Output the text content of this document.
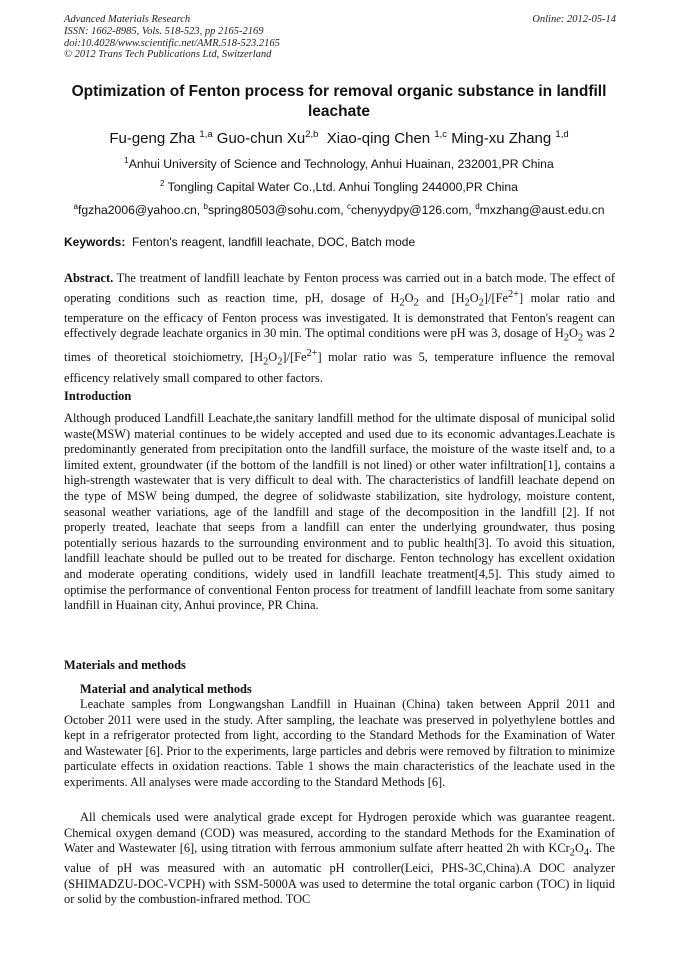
Advanced Materials Research	Online: 2012-05-14
ISSN: 1662-8985, Vols. 518-523, pp 2165-2169
doi:10.4028/www.scientific.net/AMR.518-523.2165
© 2012 Trans Tech Publications Ltd, Switzerland
Optimization of Fenton process for removal organic substance in landfill leachate
Fu-geng Zha $^{1,a}$ Guo-chun Xu$^{2,b}$ Xiao-qing Chen $^{1,c}$ Ming-xu Zhang $^{1,d}$
$^1$Anhui University of Science and Technology, Anhui Huainan, 232001,PR China
$^2$ Tongling Capital Water Co.,Ltd. Anhui Tongling 244000,PR China
$^a$fgzha2006@yahoo.cn, $^b$spring80503@sohu.com, $^c$chenyydpy@126.com, $^d$mxzhang@aust.edu.cn
Keywords: Fenton's reagent, landfill leachate, DOC, Batch mode
Abstract. The treatment of landfill leachate by Fenton process was carried out in a batch mode. The effect of operating conditions such as reaction time, pH, dosage of $H_2O_2$ and $[H_2O_2]/[Fe^{2+}]$ molar ratio and temperature on the efficacy of Fenton process was investigated. It is demonstrated that Fenton's reagent can effectively degrade leachate organics in 30 min. The optimal conditions were pH was 3, dosage of $H_2O_2$ was 2 times of theoretical stoichiometry, $[H_2O_2]/[Fe^{2+}]$ molar ratio was 5, temperature influence the removal efficency relatively small compared to other factors.
Introduction
Although produced Landfill Leachate,the sanitary landfill method for the ultimate disposal of municipal solid waste(MSW) material continues to be widely accepted and used due to its economic advantages.Leachate is predominantly generated from precipitation onto the landfill surface, the moisture of the waste itself and, to a limited extent, groundwater (if the bottom of the landfill is not lined) or other water infiltration[1], contains a high-strength wastewater that is very difficult to deal with. The characteristics of landfill leachate depend on the type of MSW being dumped, the degree of solidwaste stabilization, site hydrology, moisture content, seasonal weather variations, age of the landfill and stage of the decomposition in the landfill [2]. If not properly treated, leachate that seeps from a landfill can enter the underlying groundwater, thus posing potentially serious hazards to the surrounding environment and to public health[3]. To avoid this situation, landfill leachate should be pulled out to be treated for discharge. Fenton technology has excellent oxidation and moderate operating conditions, widely used in landfill leachate treatment[4,5]. This study aimed to optimise the performance of conventional Fenton process for treatment of landfill leachate from some sanitary landfill in Huainan city, Anhui province, PR China.
Materials and methods
Material and analytical methods
Leachate samples from Longwangshan Landfill in Huainan (China) taken between Appril 2011 and October 2011 were used in the study. After sampling, the leachate was preserved in polyethylene bottles and kept in a refrigerator protected from light, according to the Standard Methods for the Examination of Water and Wastewater [6]. Prior to the experiments, large particles and debris were removed by filtration to minimize particulate effects in oxidation reactions. Table 1 shows the main characteristics of the leachate used in the experiments. All analyses were made according to the Standard Methods [6].
All chemicals used were analytical grade except for Hydrogen peroxide which was guarantee reagent. Chemical oxygen demand (COD) was measured, according to the standard Methods for the Examination of Water and Wastewater [6], using titration with ferrous ammonium sulfate afterr heatted 2h with $KCr_2O_4$. The value of pH was measured with an automatic pH controller(Leici, PHS-3C,China).A DOC analyzer (SHIMADZU-DOC-VCPH) with SSM-5000A was used to determine the total organic carbon (TOC) in liquid or solid by the combustion-infrared method. TOC
